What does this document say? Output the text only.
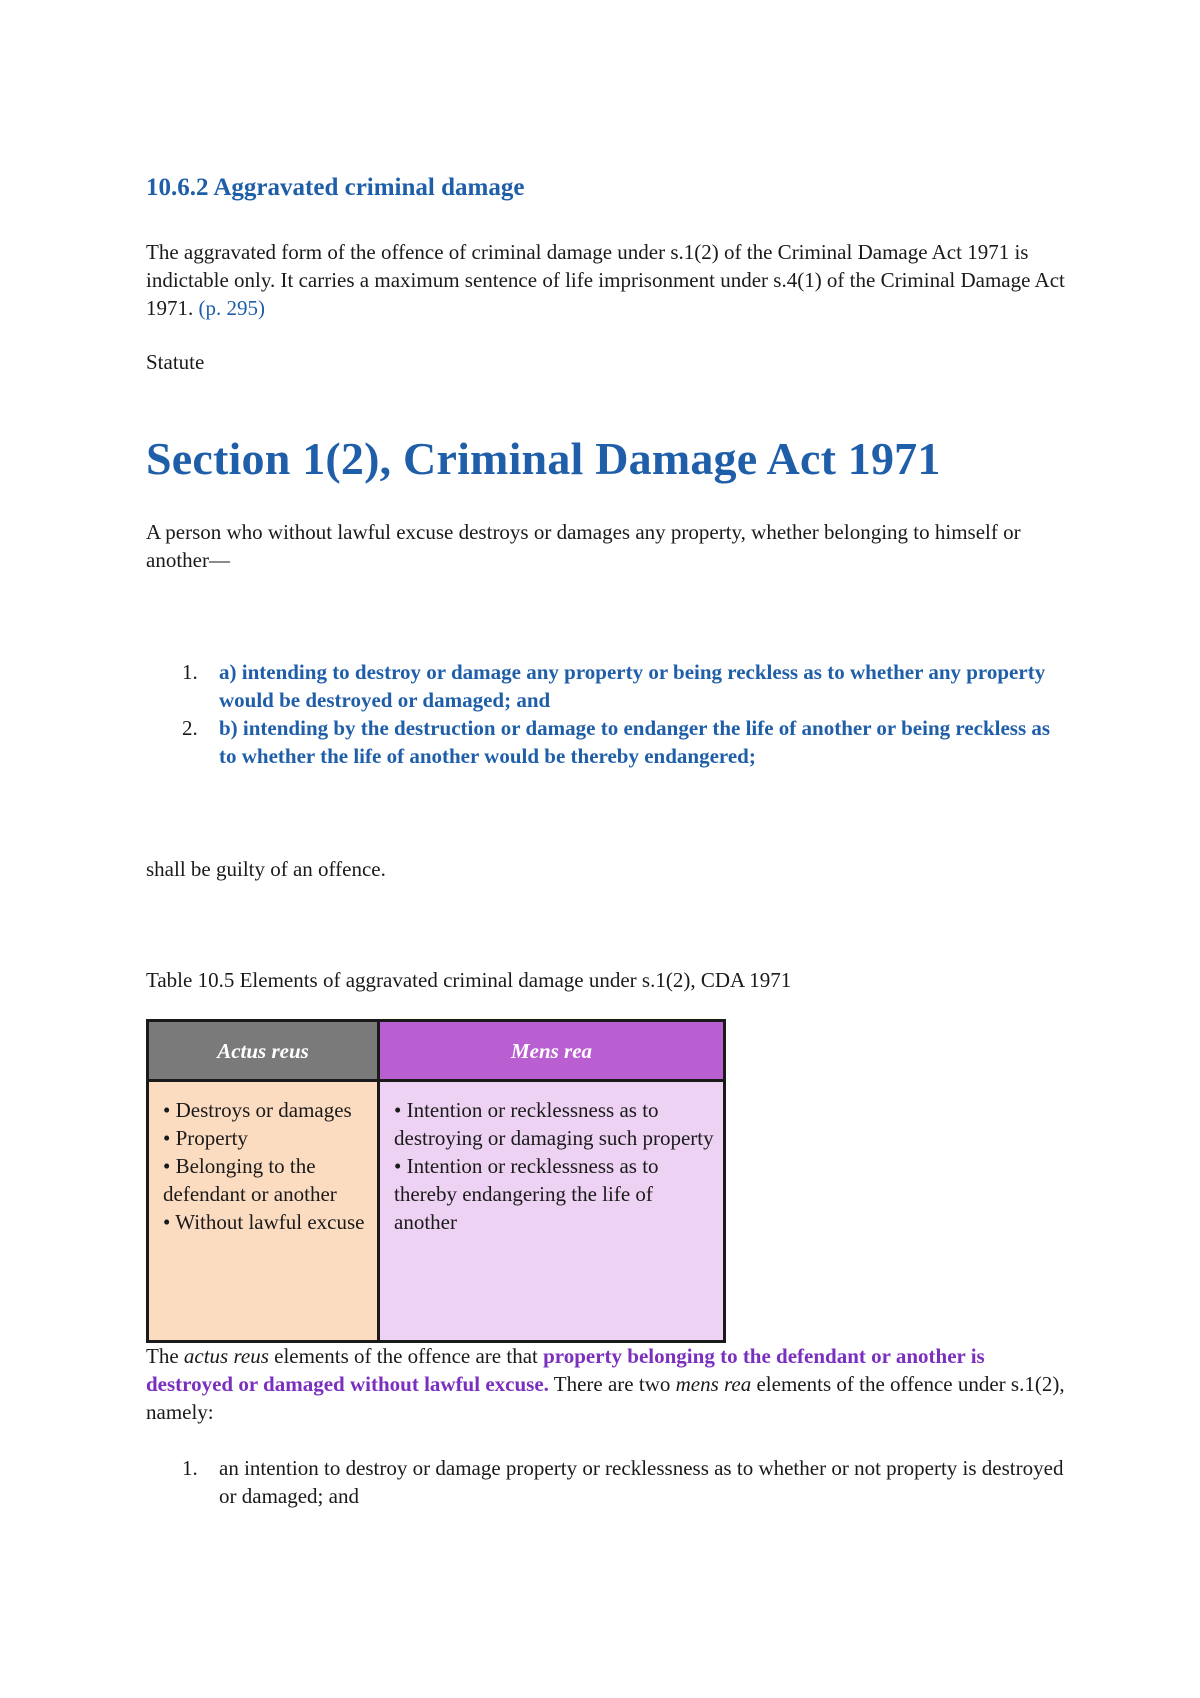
10.6.2 Aggravated criminal damage

The aggravated form of the offence of criminal damage under s.1(2) of the Criminal Damage Act 1971 is indictable only. It carries a maximum sentence of life imprisonment under s.4(1) of the Criminal Damage Act 1971. (p. 295)

Statute

Section 1(2), Criminal Damage Act 1971

A person who without lawful excuse destroys or damages any property, whether belonging to himself or another—

1. a) intending to destroy or damage any property or being reckless as to whether any property would be destroyed or damaged; and
2. b) intending by the destruction or damage to endanger the life of another or being reckless as to whether the life of another would be thereby endangered;

shall be guilty of an offence.

Table 10.5 Elements of aggravated criminal damage under s.1(2), CDA 1971

Actus reus	Mens rea

• Destroys or damages
• Property
• Belonging to the defendant or another
• Without lawful excuse	• Intention or recklessness as to destroying or damaging such property
• Intention or recklessness as to thereby endangering the life of another

The actus reus elements of the offence are that property belonging to the defendant or another is destroyed or damaged without lawful excuse. There are two mens rea elements of the offence under s.1(2), namely:

1. an intention to destroy or damage property or recklessness as to whether or not property is destroyed or damaged; and
